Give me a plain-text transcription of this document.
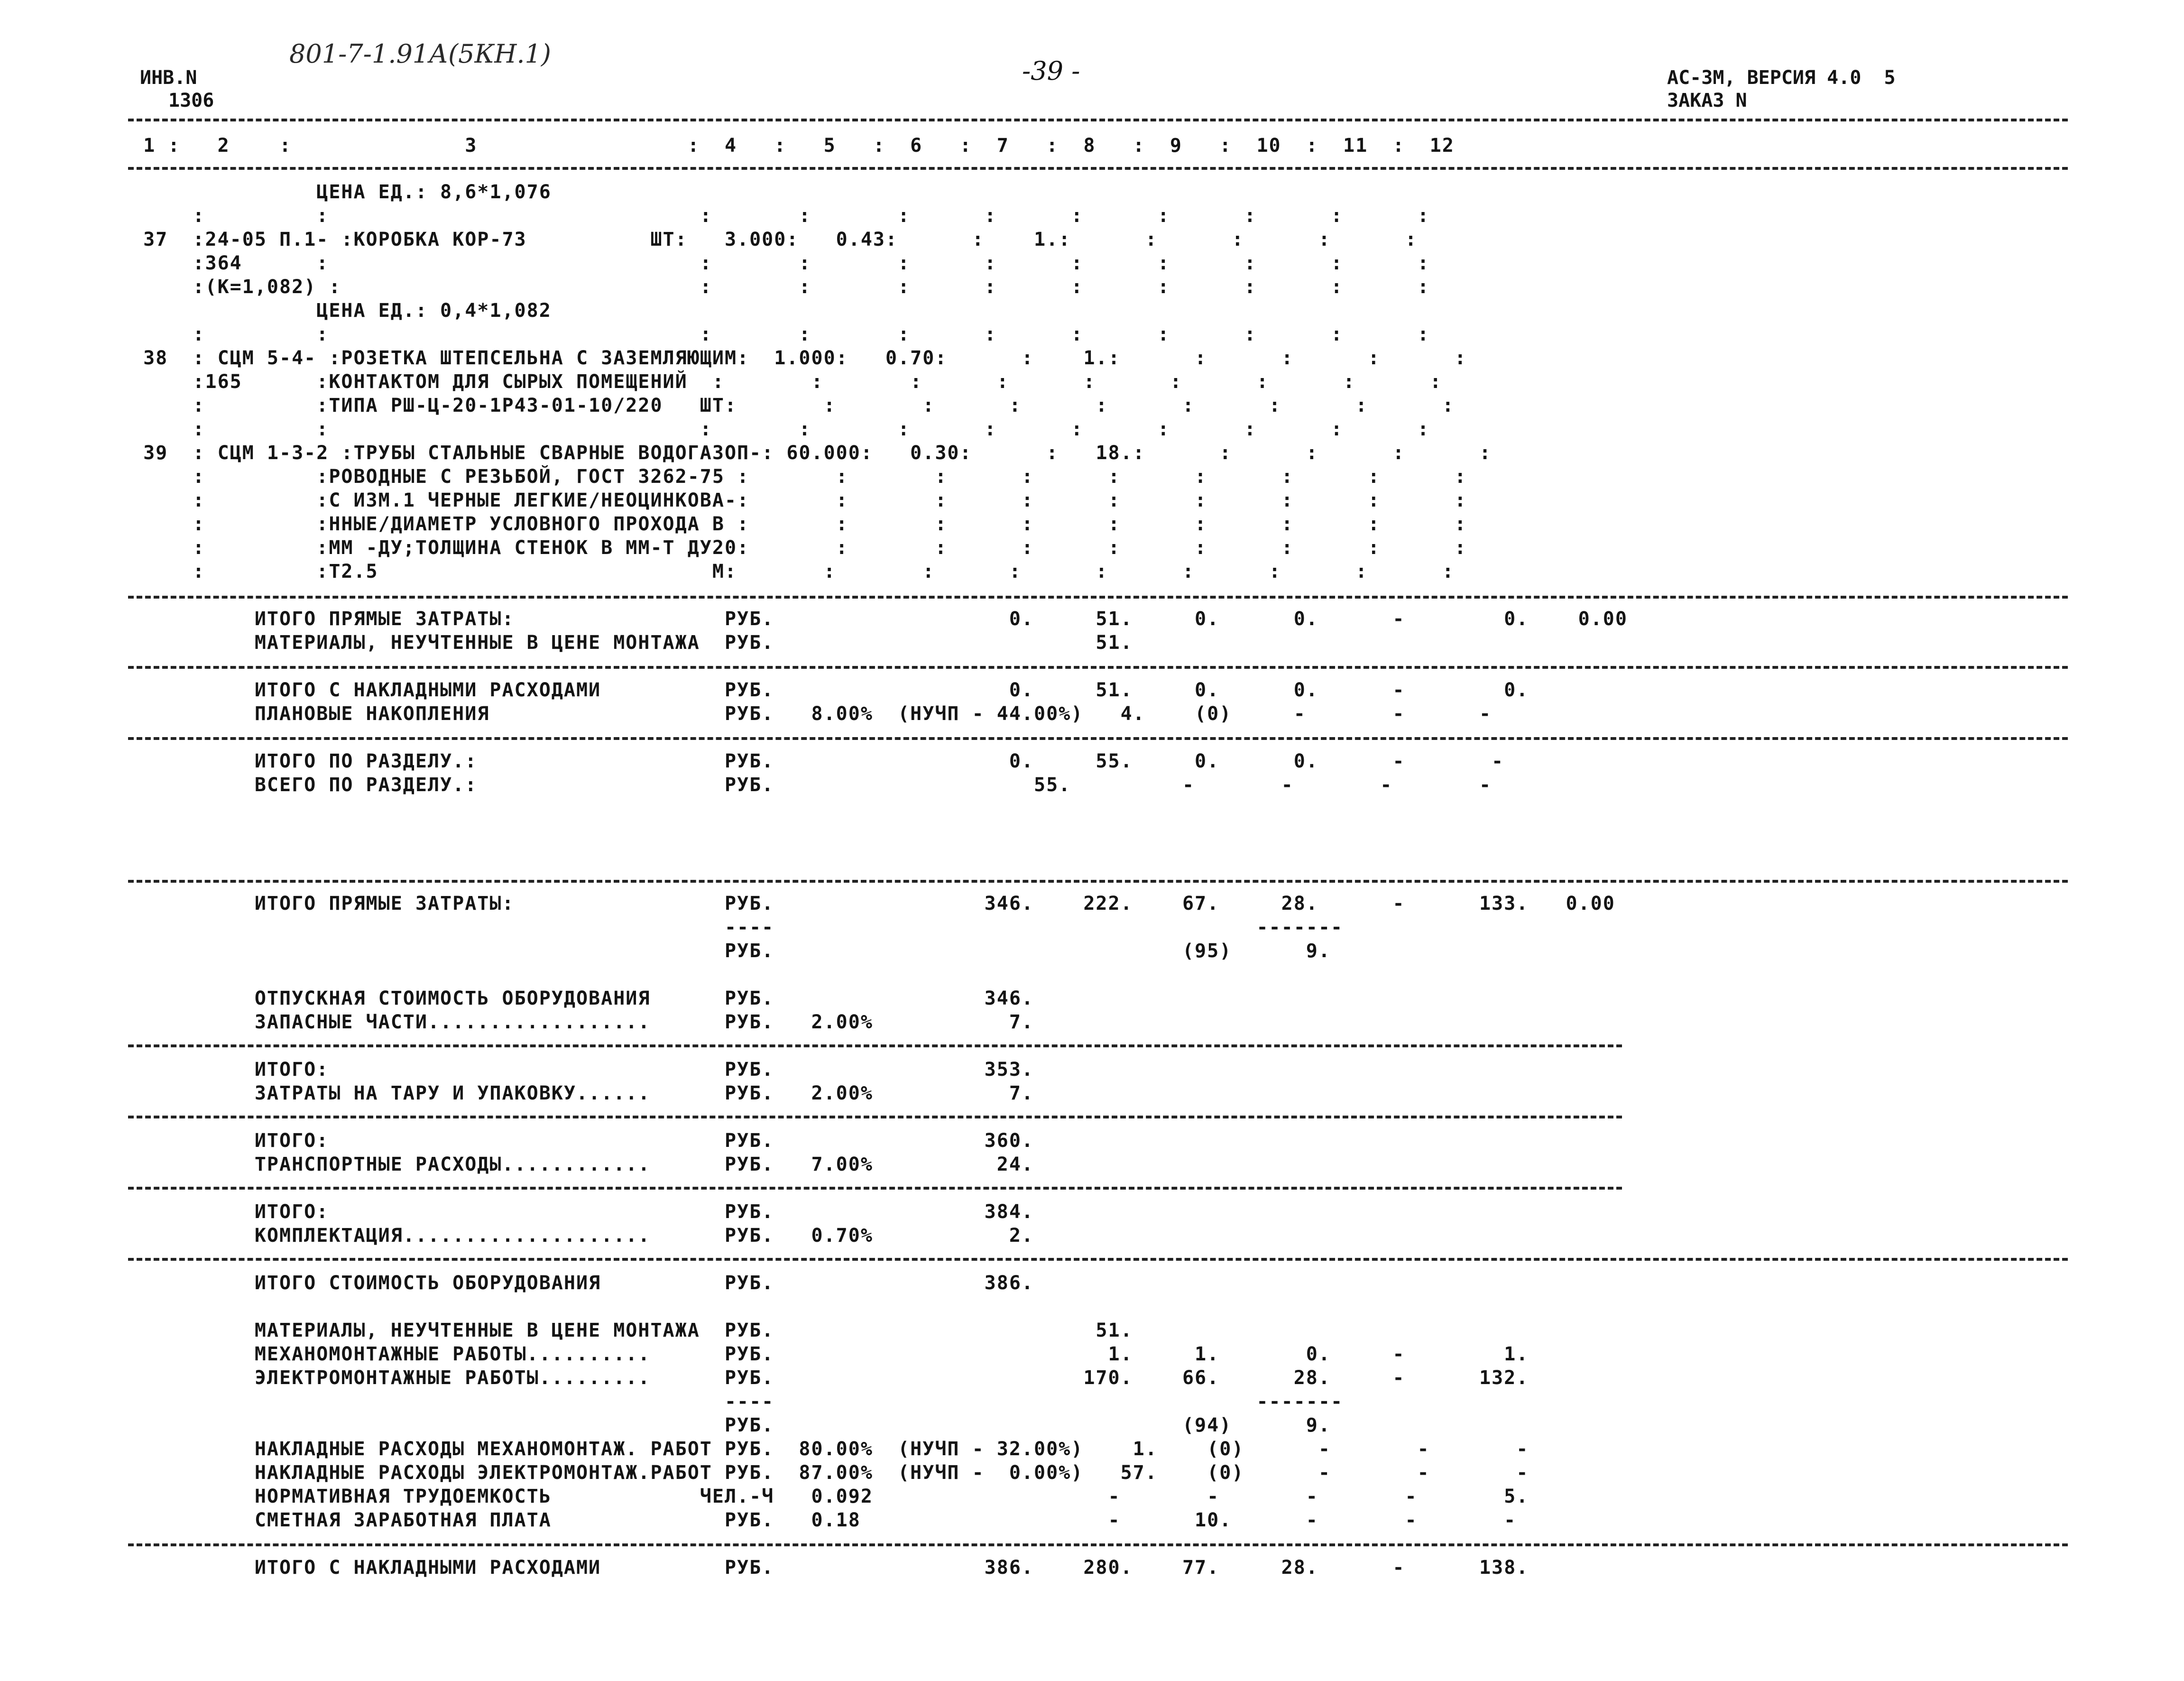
ИНВ.N
1306
801-7-1.91А(5КН.1)
-39 -	АС-3М, ВЕРСИЯ 4.0  5
ЗАКАЗ N
1 :   2    :              3                 :  4   :   5   :  6   :  7   :  8   :  9   :  10  :  11  :  12
ЦЕНА ЕД.: 8,6*1,076
:         :                              :       :       :      :      :      :      :      :      :
37  :24-05 П.1- :КОРОБКА КОР-73          ШТ:   3.000:   0.43:      :    1.:      :      :      :      :
:364      :                              :       :       :      :      :      :      :      :      :
:(К=1,082) :                             :       :       :      :      :      :      :      :      :
ЦЕНА ЕД.: 0,4*1,082
:         :                              :       :       :      :      :      :      :      :      :
38  : СЦМ 5-4- :РОЗЕТКА ШТЕПСЕЛЬНА С ЗАЗЕМЛЯЮЩИМ:  1.000:   0.70:      :    1.:      :      :      :      :
:165      :КОНТАКТОМ ДЛЯ СЫРЫХ ПОМЕЩЕНИЙ  :       :       :      :      :      :      :      :      :
:         :ТИПА РШ-Ц-20-1Р43-01-10/220   ШТ:       :       :      :      :      :      :      :      :
:         :                              :       :       :      :      :      :      :      :      :
39  : СЦМ 1-3-2 :ТРУБЫ СТАЛЬНЫЕ СВАРНЫЕ ВОДОГАЗОП-: 60.000:   0.30:      :   18.:      :      :      :      :
:         :РОВОДНЫЕ С РЕЗЬБОЙ, ГОСТ 3262-75 :       :       :      :      :      :      :      :      :
:         :С ИЗМ.1 ЧЕРНЫЕ ЛЕГКИЕ/НЕОЦИНКОВА-:       :       :      :      :      :      :      :      :
:         :ННЫЕ/ДИАМЕТР УСЛОВНОГО ПРОХОДА В :       :       :      :      :      :      :      :      :
:         :ММ -ДУ;ТОЛЩИНА СТЕНОК В ММ-Т ДУ20:       :       :      :      :      :      :      :      :
:         :Т2.5                           М:       :       :      :      :      :      :      :      :
ИТОГО ПРЯМЫЕ ЗАТРАТЫ:                 РУБ.                   0.     51.     0.      0.      -        0.    0.00
МАТЕРИАЛЫ, НЕУЧТЕННЫЕ В ЦЕНЕ МОНТАЖА  РУБ.                          51.
ИТОГО С НАКЛАДНЫМИ РАСХОДАМИ          РУБ.                   0.     51.     0.      0.      -        0.
ПЛАНОВЫЕ НАКОПЛЕНИЯ                   РУБ.   8.00%  (НУЧП - 44.00%)   4.    (0)     -       -      -
ИТОГО ПО РАЗДЕЛУ.:                    РУБ.                   0.     55.     0.      0.      -       -
ВСЕГО ПО РАЗДЕЛУ.:                    РУБ.                     55.         -       -       -       -
ИТОГО ПРЯМЫЕ ЗАТРАТЫ:                 РУБ.                 346.    222.    67.     28.      -      133.   0.00
----                                       -------
РУБ.                                 (95)      9.
ОТПУСКНАЯ СТОИМОСТЬ ОБОРУДОВАНИЯ      РУБ.                 346.
ЗАПАСНЫЕ ЧАСТИ..................      РУБ.   2.00%           7.
ИТОГО:                                РУБ.                 353.
ЗАТРАТЫ НА ТАРУ И УПАКОВКУ......      РУБ.   2.00%           7.
ИТОГО:                                РУБ.                 360.
ТРАНСПОРТНЫЕ РАСХОДЫ............      РУБ.   7.00%          24.
ИТОГО:                                РУБ.                 384.
КОМПЛЕКТАЦИЯ....................      РУБ.   0.70%           2.
ИТОГО СТОИМОСТЬ ОБОРУДОВАНИЯ          РУБ.                 386.
МАТЕРИАЛЫ, НЕУЧТЕННЫЕ В ЦЕНЕ МОНТАЖА  РУБ.                          51.
МЕХАНОМОНТАЖНЫЕ РАБОТЫ..........      РУБ.                           1.     1.       0.     -        1.
ЭЛЕКТРОМОНТАЖНЫЕ РАБОТЫ.........      РУБ.                         170.    66.      28.     -      132.
----                                       -------
РУБ.                                 (94)      9.
НАКЛАДНЫЕ РАСХОДЫ МЕХАНОМОНТАЖ. РАБОТ РУБ.  80.00%  (НУЧП - 32.00%)    1.    (0)      -       -       -
НАКЛАДНЫЕ РАСХОДЫ ЭЛЕКТРОМОНТАЖ.РАБОТ РУБ.  87.00%  (НУЧП -  0.00%)   57.    (0)      -       -       -
НОРМАТИВНАЯ ТРУДОЕМКОСТЬ            ЧЕЛ.-Ч   0.092                   -       -       -       -       5.
СМЕТНАЯ ЗАРАБОТНАЯ ПЛАТА              РУБ.   0.18                    -      10.      -       -       -
ИТОГО С НАКЛАДНЫМИ РАСХОДАМИ          РУБ.                 386.    280.    77.     28.      -      138.
